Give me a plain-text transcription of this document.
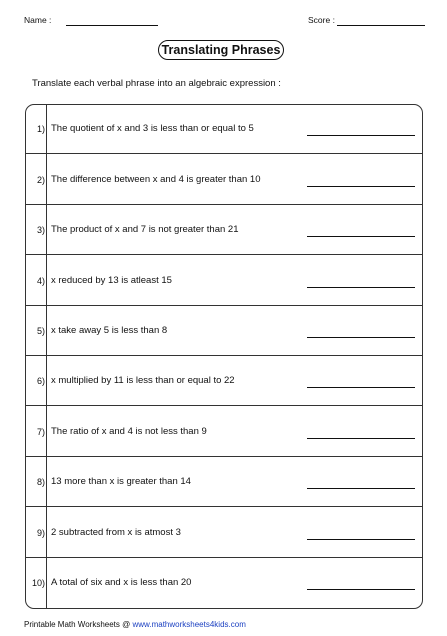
Name :	Score :
Translating Phrases
Translate each verbal phrase into an algebraic expression :
1) The quotient of x and 3 is less than or equal to 5
2) The difference between x and 4 is greater than 10
3) The product of x and 7 is not greater than 21
4) x reduced by 13 is atleast 15
5) x take away 5 is less than 8
6) x multiplied by 11 is less than or equal to 22
7) The ratio of x and 4 is not less than 9
8) 13 more than x is greater than 14
9) 2 subtracted from x is atmost 3
10) A total of six and x is less than 20
Printable Math Worksheets @ www.mathworksheets4kids.com
